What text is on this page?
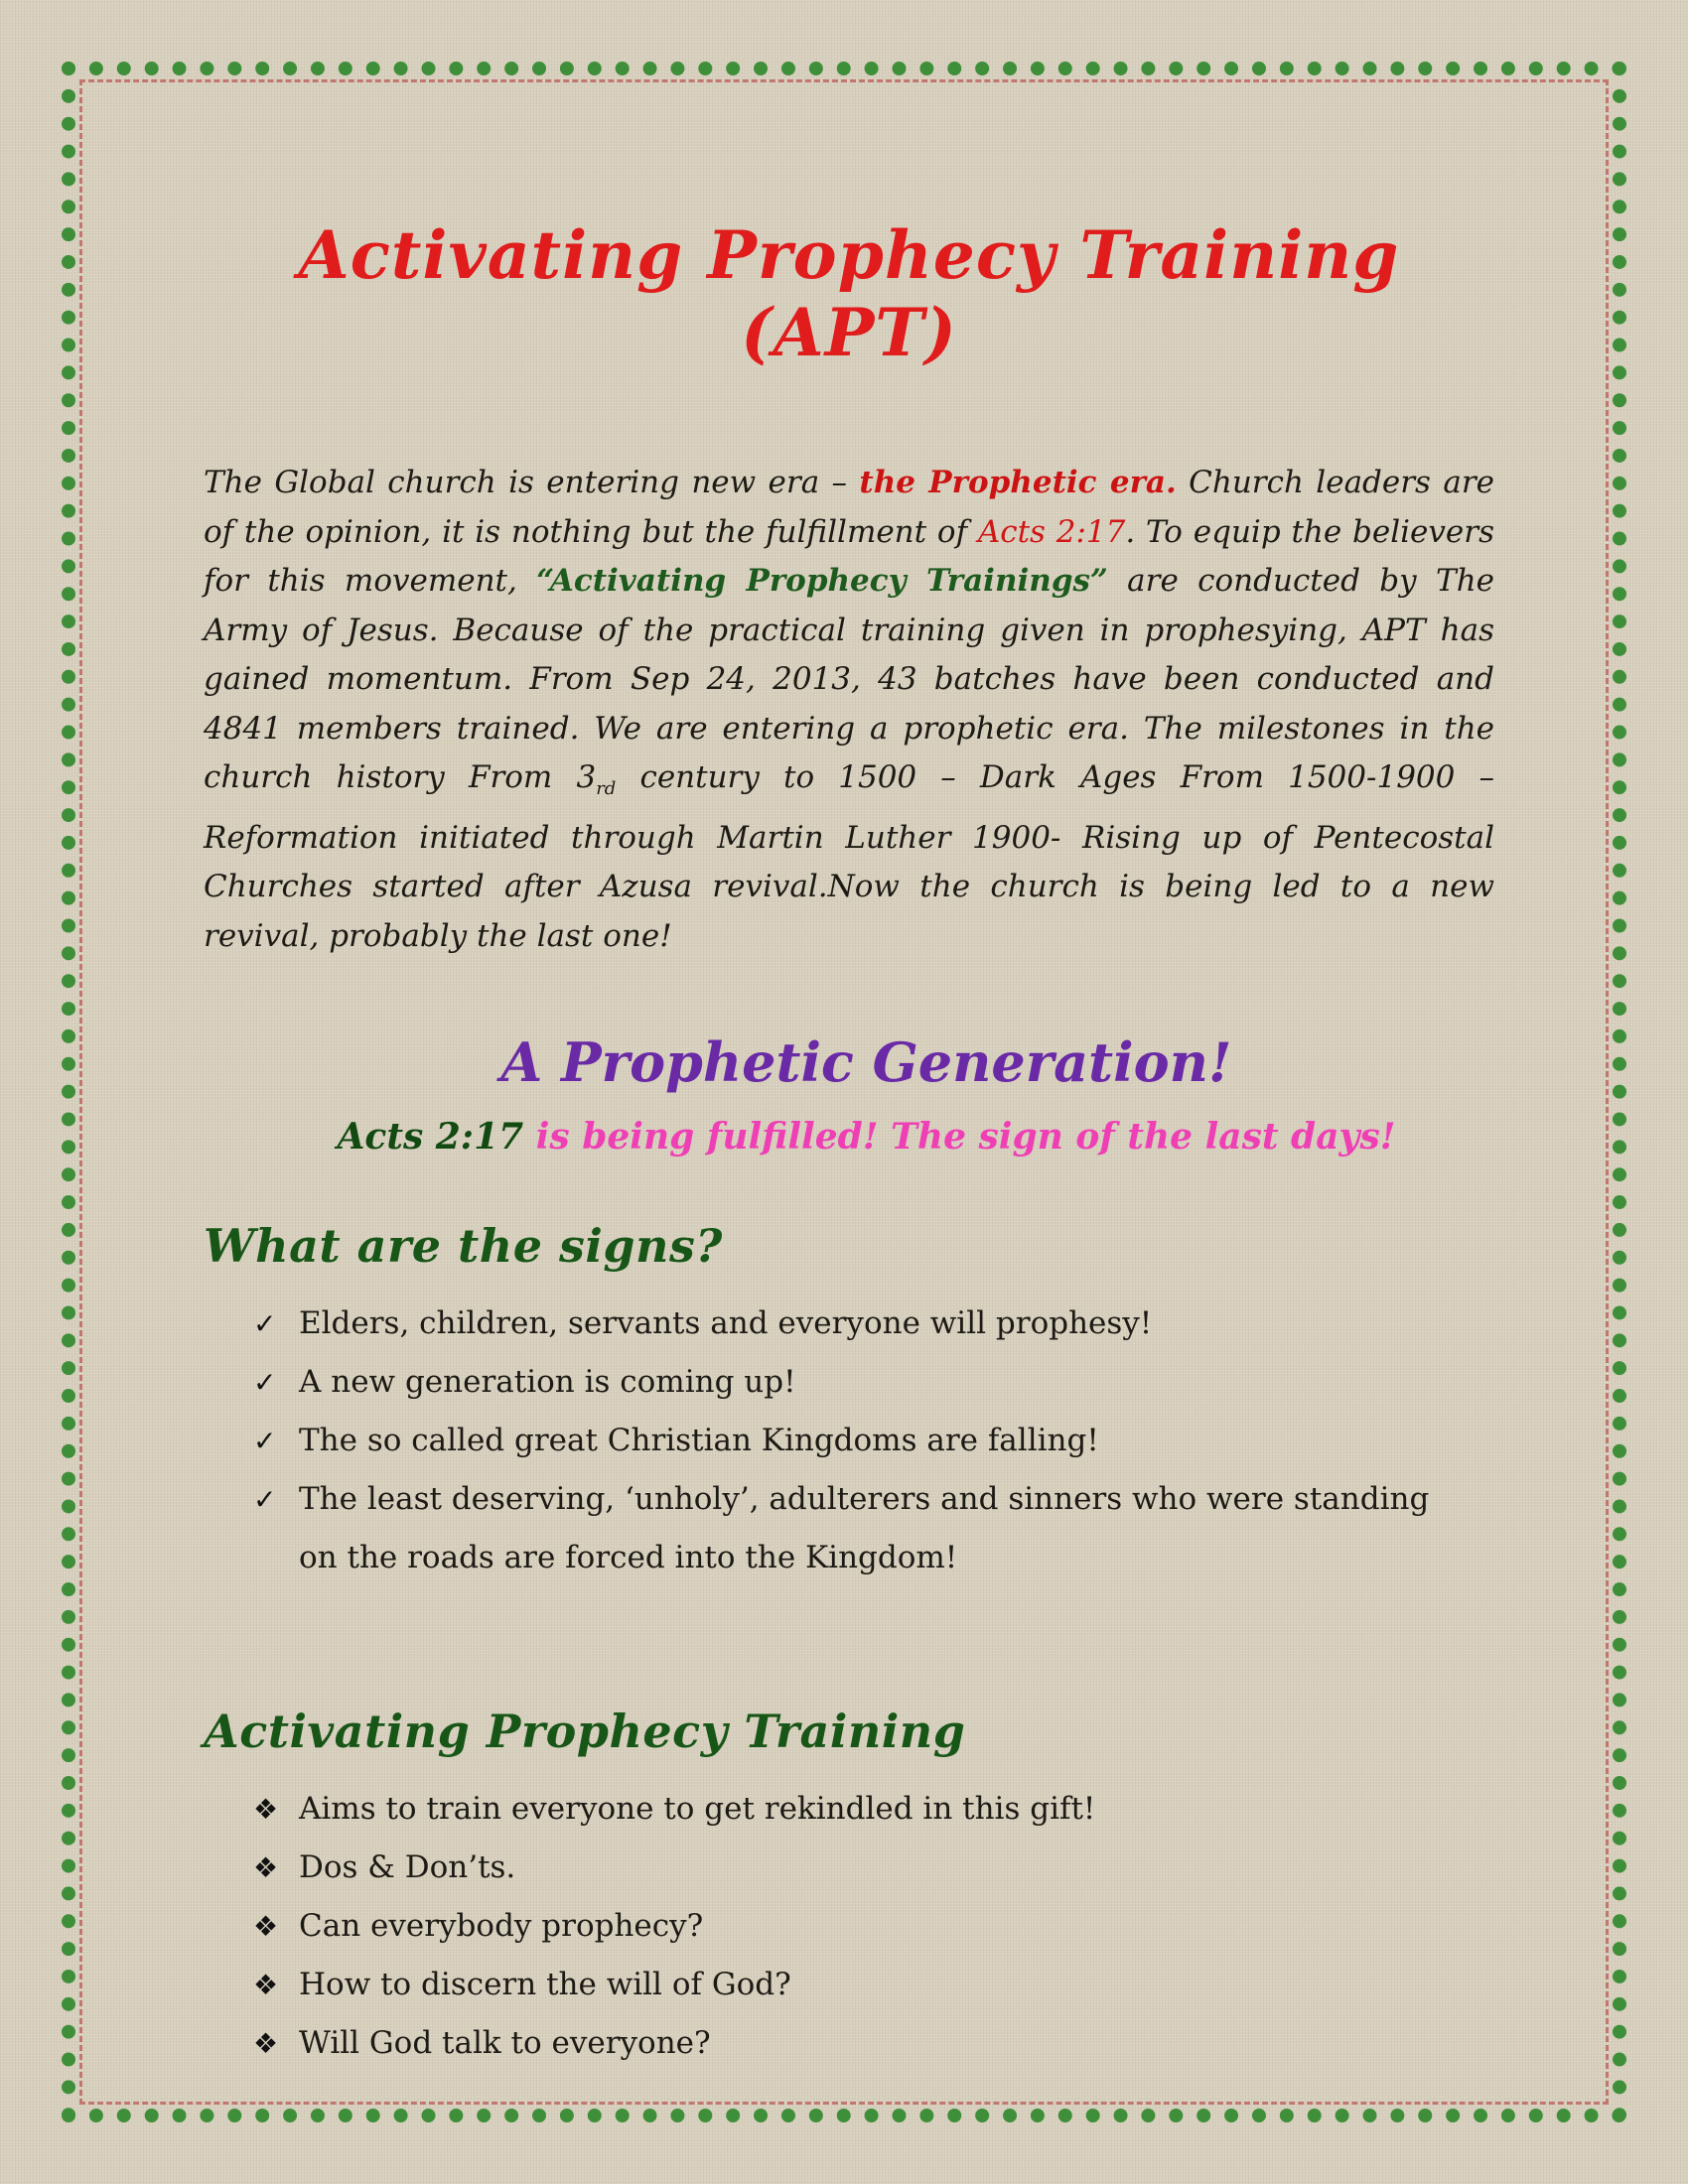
Activating Prophecy Training (APT)

The Global church is entering new era – the Prophetic era. Church leaders are of the opinion, it is nothing but the fulfillment of Acts 2:17. To equip the believers for this movement, “Activating Prophecy Trainings” are conducted by The Army of Jesus. Because of the practical training given in prophesying, APT has gained momentum. From Sep 24, 2013, 43 batches have been conducted and 4841 members trained. We are entering a prophetic era. The milestones in the church history From $3_{rd}$ century to 1500 – Dark Ages From 1500-1900 – Reformation initiated through Martin Luther 1900- Rising up of Pentecostal Churches started after Azusa revival.Now the church is being led to a new revival, probably the last one!

A Prophetic Generation!
Acts 2:17 is being fulfilled! The sign of the last days!
What are the signs?
✓ Elders, children, servants and everyone will prophesy!
✓ A new generation is coming up!
✓ The so called great Christian Kingdoms are falling!
✓ The least deserving, ‘unholy’, adulterers and sinners who were standing on the roads are forced into the Kingdom!
Activating Prophecy Training
❖ Aims to train everyone to get rekindled in this gift!
❖ Dos & Don’ts.
❖ Can everybody prophecy?
❖ How to discern the will of God?
❖ Will God talk to everyone?
